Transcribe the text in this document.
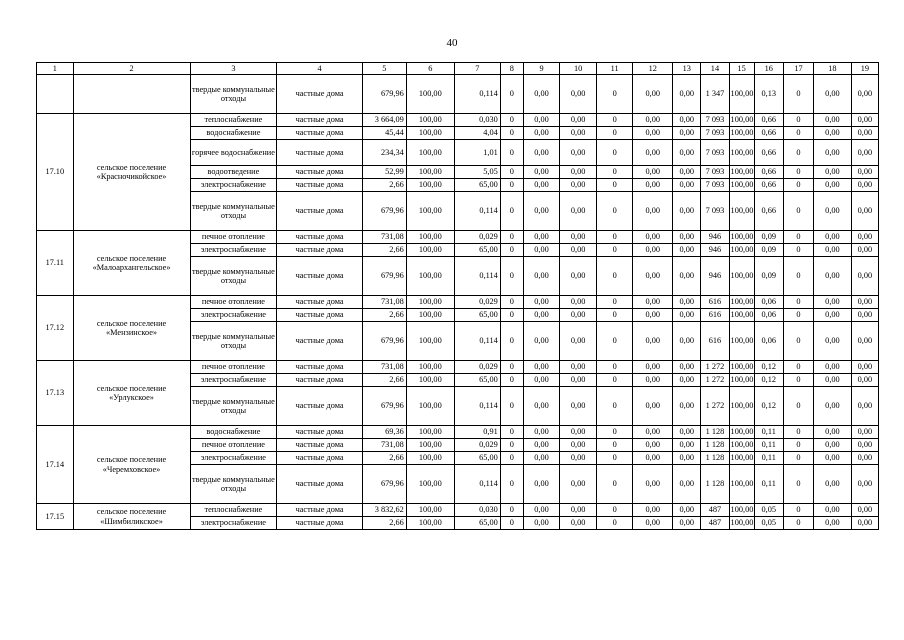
40
1	2	3	4	5	6	7	8	9	10	11	12	13	14	15	16	17	18	19
		твердые коммунальные отходы	частные дома	679,96	100,00	0,114	0	0,00	0,00	0	0,00	0,00	1 347	100,00	0,13	0	0,00	0,00
17.10	сельское поселение «Красночикойское»	теплоснабжение	частные дома	3 664,09	100,00	0,030	0	0,00	0,00	0	0,00	0,00	7 093	100,00	0,66	0	0,00	0,00
		водоснабжение	частные дома	45,44	100,00	4,04	0	0,00	0,00	0	0,00	0,00	7 093	100,00	0,66	0	0,00	0,00
		горячее водоснабжение	частные дома	234,34	100,00	1,01	0	0,00	0,00	0	0,00	0,00	7 093	100,00	0,66	0	0,00	0,00
		водоотведение	частные дома	52,99	100,00	5,05	0	0,00	0,00	0	0,00	0,00	7 093	100,00	0,66	0	0,00	0,00
		электроснабжение	частные дома	2,66	100,00	65,00	0	0,00	0,00	0	0,00	0,00	7 093	100,00	0,66	0	0,00	0,00
		твердые коммунальные отходы	частные дома	679,96	100,00	0,114	0	0,00	0,00	0	0,00	0,00	7 093	100,00	0,66	0	0,00	0,00
17.11	сельское поселение «Малоархангельское»	печное отопление	частные дома	731,08	100,00	0,029	0	0,00	0,00	0	0,00	0,00	946	100,00	0,09	0	0,00	0,00
		электроснабжение	частные дома	2,66	100,00	65,00	0	0,00	0,00	0	0,00	0,00	946	100,00	0,09	0	0,00	0,00
		твердые коммунальные отходы	частные дома	679,96	100,00	0,114	0	0,00	0,00	0	0,00	0,00	946	100,00	0,09	0	0,00	0,00
17.12	сельское поселение «Мензинское»	печное отопление	частные дома	731,08	100,00	0,029	0	0,00	0,00	0	0,00	0,00	616	100,00	0,06	0	0,00	0,00
		электроснабжение	частные дома	2,66	100,00	65,00	0	0,00	0,00	0	0,00	0,00	616	100,00	0,06	0	0,00	0,00
		твердые коммунальные отходы	частные дома	679,96	100,00	0,114	0	0,00	0,00	0	0,00	0,00	616	100,00	0,06	0	0,00	0,00
17.13	сельское поселение «Урлукское»	печное отопление	частные дома	731,08	100,00	0,029	0	0,00	0,00	0	0,00	0,00	1 272	100,00	0,12	0	0,00	0,00
		электроснабжение	частные дома	2,66	100,00	65,00	0	0,00	0,00	0	0,00	0,00	1 272	100,00	0,12	0	0,00	0,00
		твердые коммунальные отходы	частные дома	679,96	100,00	0,114	0	0,00	0,00	0	0,00	0,00	1 272	100,00	0,12	0	0,00	0,00
17.14	сельское поселение «Черемховское»	водоснабжение	частные дома	69,36	100,00	0,91	0	0,00	0,00	0	0,00	0,00	1 128	100,00	0,11	0	0,00	0,00
		печное отопление	частные дома	731,08	100,00	0,029	0	0,00	0,00	0	0,00	0,00	1 128	100,00	0,11	0	0,00	0,00
		электроснабжение	частные дома	2,66	100,00	65,00	0	0,00	0,00	0	0,00	0,00	1 128	100,00	0,11	0	0,00	0,00
		твердые коммунальные отходы	частные дома	679,96	100,00	0,114	0	0,00	0,00	0	0,00	0,00	1 128	100,00	0,11	0	0,00	0,00
17.15	сельское поселение «Шимбиликское»	теплоснабжение	частные дома	3 832,62	100,00	0,030	0	0,00	0,00	0	0,00	0,00	487	100,00	0,05	0	0,00	0,00
		электроснабжение	частные дома	2,66	100,00	65,00	0	0,00	0,00	0	0,00	0,00	487	100,00	0,05	0	0,00	0,00
